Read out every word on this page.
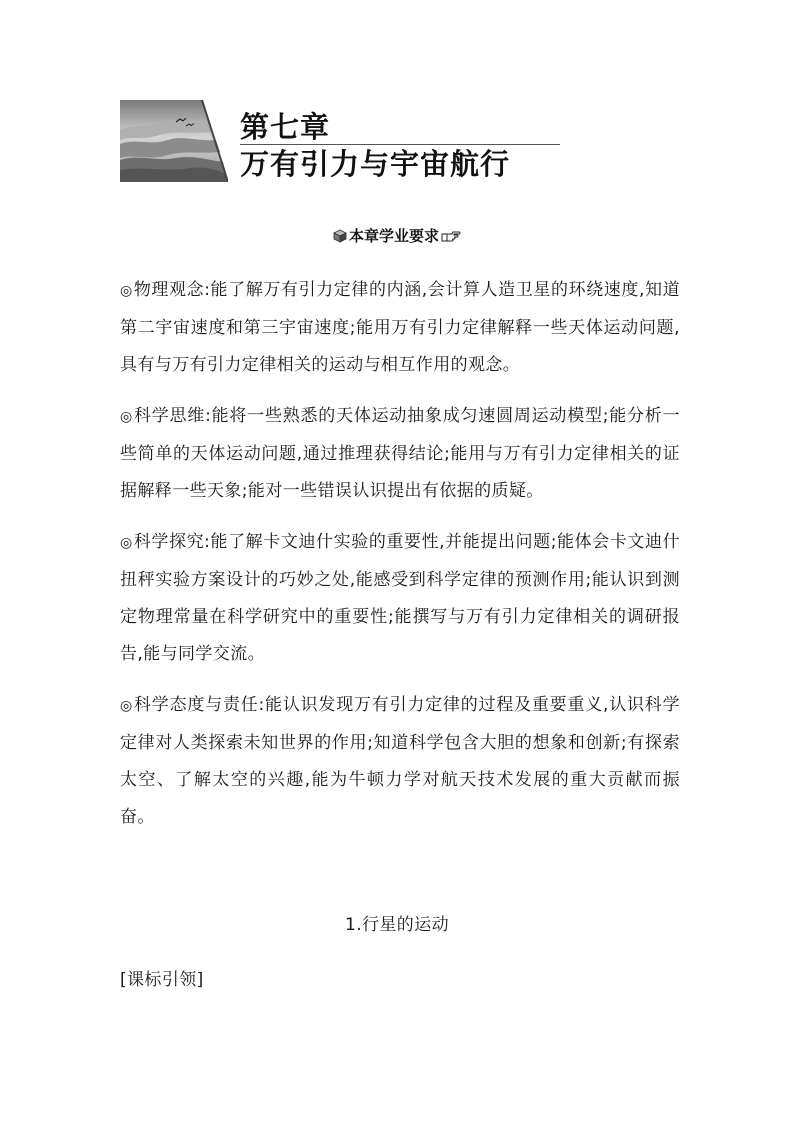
第七章
万有引力与宇宙航行
本章学业要求

◎物理观念:能了解万有引力定律的内涵,会计算人造卫星的环绕速度,知道第二宇宙速度和第三宇宙速度;能用万有引力定律解释一些天体运动问题,具有与万有引力定律相关的运动与相互作用的观念。

◎科学思维:能将一些熟悉的天体运动抽象成匀速圆周运动模型;能分析一些简单的天体运动问题,通过推理获得结论;能用与万有引力定律相关的证据解释一些天象;能对一些错误认识提出有依据的质疑。

◎科学探究:能了解卡文迪什实验的重要性,并能提出问题;能体会卡文迪什扭秤实验方案设计的巧妙之处,能感受到科学定律的预测作用;能认识到测定物理常量在科学研究中的重要性;能撰写与万有引力定律相关的调研报告,能与同学交流。

◎科学态度与责任:能认识发现万有引力定律的过程及重要重义,认识科学定律对人类探索未知世界的作用;知道科学包含大胆的想象和创新;有探索太空、了解太空的兴趣,能为牛顿力学对航天技术发展的重大贡献而振奋。

1.行星的运动
[课标引领]
